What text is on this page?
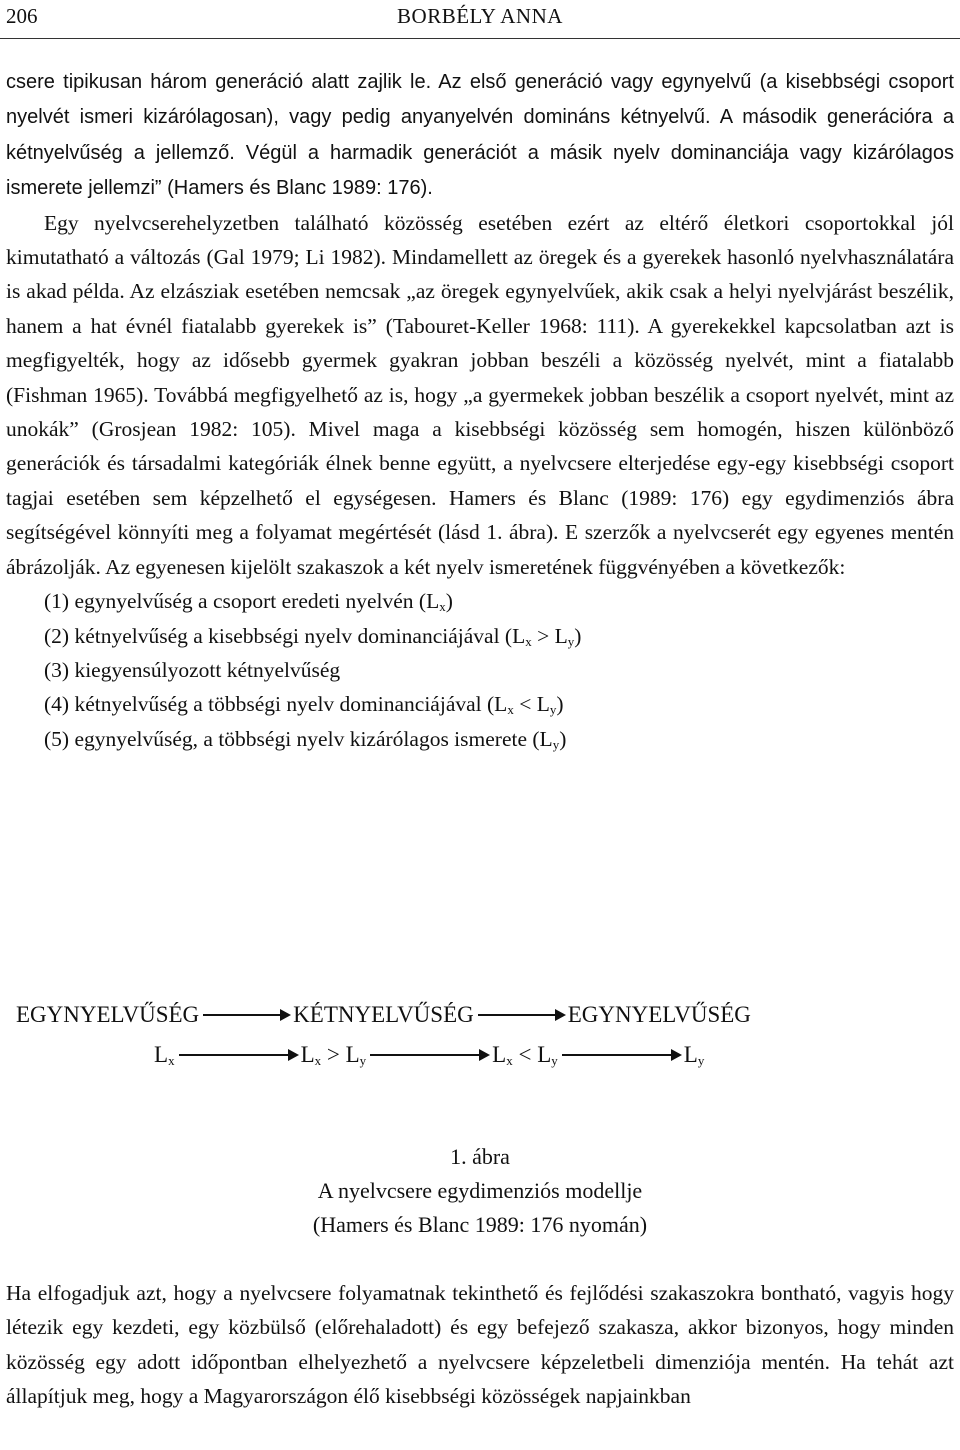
206	BORBÉLY ANNA

csere tipikusan három generáció alatt zajlik le. Az első generáció vagy egynyelvű (a kisebbségi csoport nyelvét ismeri kizárólagosan), vagy pedig anyanyelvén domináns kétnyelvű. A második generációra a kétnyelvűség a jellemző. Végül a harmadik generációt a másik nyelv dominanciája vagy kizárólagos ismerete jellemzi” (Hamers és Blanc 1989: 176).

Egy nyelvcserehelyzetben található közösség esetében ezért az eltérő életkori csoportokkal jól kimutatható a változás (Gal 1979; Li 1982). Mindamellett az öregek és a gyerekek hasonló nyelvhasználatára is akad példa. Az elzásziak esetében nemcsak „az öregek egynyelvűek, akik csak a helyi nyelvjárást beszélik, hanem a hat évnél fiatalabb gyerekek is” (Tabouret-Keller 1968: 111). A gyerekekkel kapcsolatban azt is megfigyelték, hogy az idősebb gyermek gyakran jobban beszéli a közösség nyelvét, mint a fiatalabb (Fishman 1965). Továbbá megfigyelhető az is, hogy „a gyermekek jobban beszélik a csoport nyelvét, mint az unokák” (Grosjean 1982: 105). Mivel maga a kisebbségi közösség sem homogén, hiszen különböző generációk és társadalmi kategóriák élnek benne együtt, a nyelvcsere elterjedése egy-egy kisebbségi csoport tagjai esetében sem képzelhető el egységesen. Hamers és Blanc (1989: 176) egy egydimenziós ábra segítségével könnyíti meg a folyamat megértését (lásd 1. ábra). E szerzők a nyelvcserét egy egyenes mentén ábrázolják. Az egyenesen kijelölt szakaszok a két nyelv ismeretének függvényében a következők:

(1) egynyelvűség a csoport eredeti nyelvén $(L_x)$
(2) kétnyelvűség a kisebbségi nyelv dominanciájával $(L_x > L_y)$
(3) kiegyensúlyozott kétnyelvűség
(4) kétnyelvűség a többségi nyelv dominanciájával $(L_x < L_y)$
(5) egynyelvűség, a többségi nyelv kizárólagos ismerete $(L_y)$
EGYNYELVŰSÉG	KÉTNYELVŰSÉG	EGYNYELVŰSÉG
$L_x$	$L_x > L_y$	$L_x < L_y$	$L_y$
1. ábra
A nyelvcsere egydimenziós modellje
(Hamers és Blanc 1989: 176 nyomán)

Ha elfogadjuk azt, hogy a nyelvcsere folyamatnak tekinthető és fejlődési szakaszokra bontható, vagyis hogy létezik egy kezdeti, egy közbülső (előrehaladott) és egy befejező szakasza, akkor bizonyos, hogy minden közösség egy adott időpontban elhelyezhető a nyelvcsere képzeletbeli dimenziója mentén. Ha tehát azt állapítjuk meg, hogy a Magyarországon élő kisebbségi közösségek napjainkban
